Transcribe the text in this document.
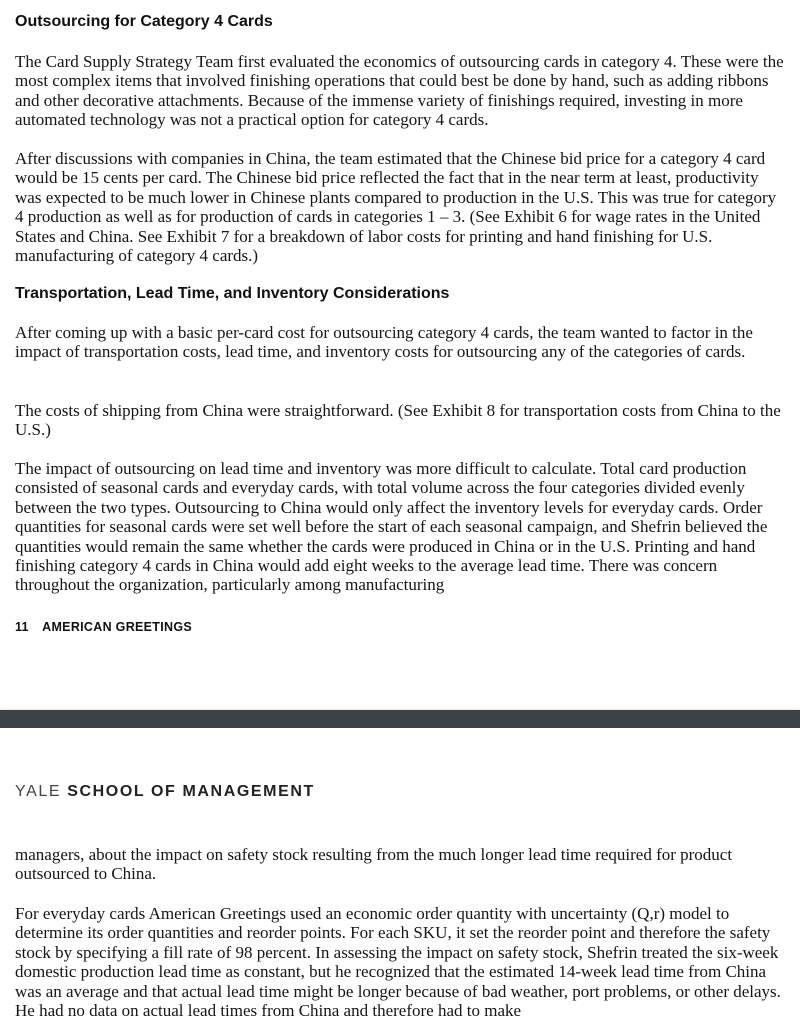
Outsourcing for Category 4 Cards

The Card Supply Strategy Team first evaluated the economics of outsourcing cards in category 4. These were the most complex items that involved finishing operations that could best be done by hand, such as adding ribbons and other decorative attachments. Because of the immense variety of finishings required, investing in more automated technology was not a practical option for category 4 cards.

After discussions with companies in China, the team estimated that the Chinese bid price for a category 4 card would be 15 cents per card. The Chinese bid price reflected the fact that in the near term at least, productivity was expected to be much lower in Chinese plants compared to production in the U.S. This was true for category 4 production as well as for production of cards in categories 1 – 3. (See Exhibit 6 for wage rates in the United States and China. See Exhibit 7 for a breakdown of labor costs for printing and hand finishing for U.S. manufacturing of category 4 cards.)

Transportation, Lead Time, and Inventory Considerations

After coming up with a basic per-card cost for outsourcing category 4 cards, the team wanted to factor in the impact of transportation costs, lead time, and inventory costs for outsourcing any of the categories of cards.

The costs of shipping from China were straightforward. (See Exhibit 8 for transportation costs from China to the U.S.)

The impact of outsourcing on lead time and inventory was more difficult to calculate. Total card production consisted of seasonal cards and everyday cards, with total volume across the four categories divided evenly between the two types. Outsourcing to China would only affect the inventory levels for everyday cards. Order quantities for seasonal cards were set well before the start of each seasonal campaign, and Shefrin believed the quantities would remain the same whether the cards were produced in China or in the U.S. Printing and hand finishing category 4 cards in China would add eight weeks to the average lead time. There was concern throughout the organization, particularly among manufacturing

11 AMERICAN GREETINGS
YALE SCHOOL OF MANAGEMENT

managers, about the impact on safety stock resulting from the much longer lead time required for product outsourced to China.

For everyday cards American Greetings used an economic order quantity with uncertainty (Q,r) model to determine its order quantities and reorder points. For each SKU, it set the reorder point and therefore the safety stock by specifying a fill rate of 98 percent. In assessing the impact on safety stock, Shefrin treated the six-week domestic production lead time as constant, but he recognized that the estimated 14-week lead time from China was an average and that actual lead time might be longer because of bad weather, port problems, or other delays. He had no data on actual lead times from China and therefore had to make
